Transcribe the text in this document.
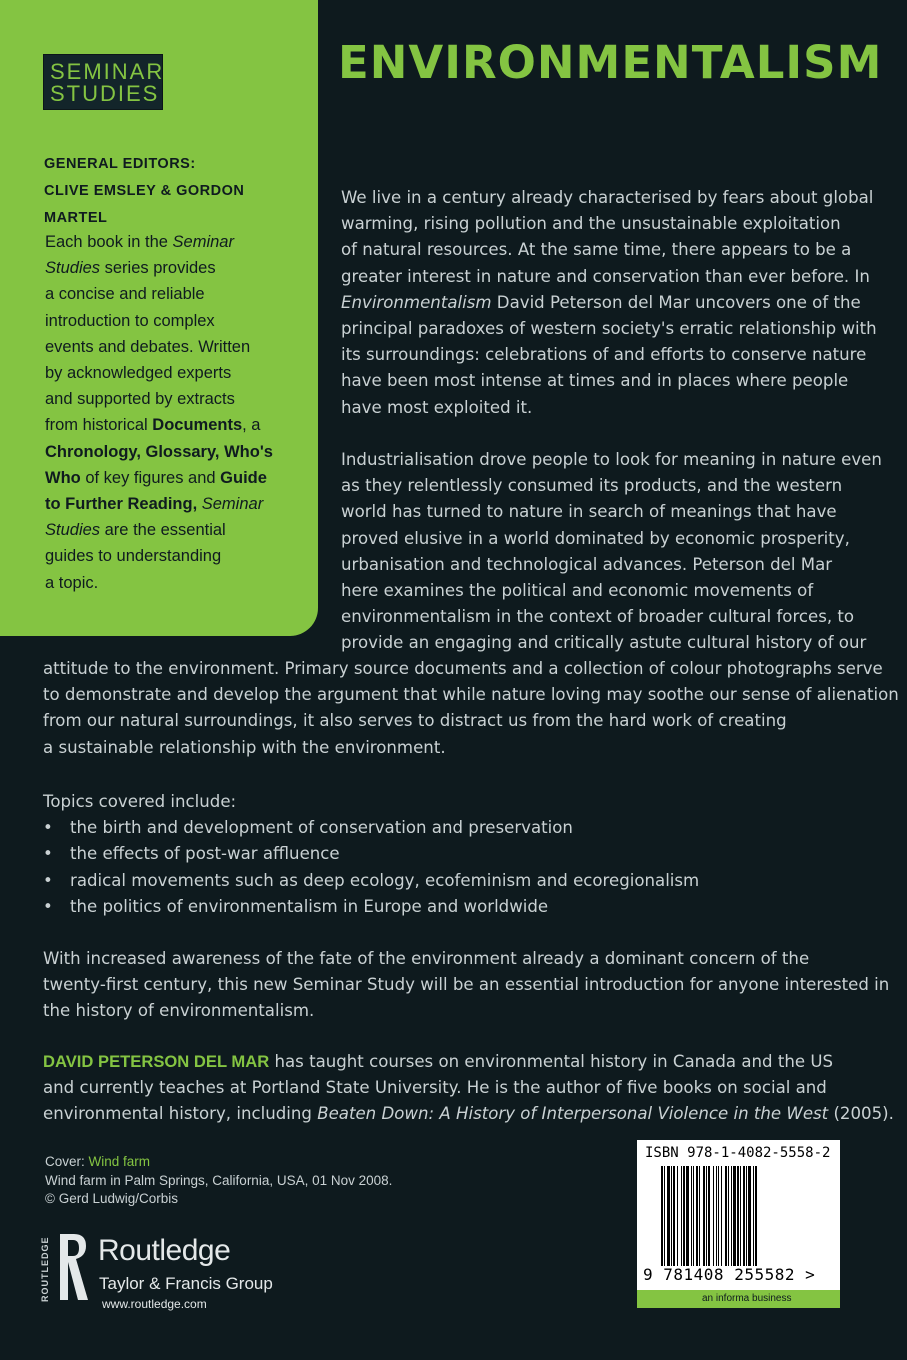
SEMINAR
STUDIES
GENERAL EDITORS:
CLIVE EMSLEY & GORDON MARTEL
Each book in the Seminar
Studies series provides
a concise and reliable
introduction to complex
events and debates. Written
by acknowledged experts
and supported by extracts
from historical Documents, a
Chronology, Glossary, Who's
Who of key figures and Guide
to Further Reading, Seminar
Studies are the essential
guides to understanding
a topic.
ENVIRONMENTALISM
We live in a century already characterised by fears about global
warming, rising pollution and the unsustainable exploitation
of natural resources. At the same time, there appears to be a
greater interest in nature and conservation than ever before. In
Environmentalism David Peterson del Mar uncovers one of the
principal paradoxes of western society's erratic relationship with
its surroundings: celebrations of and efforts to conserve nature
have been most intense at times and in places where people
have most exploited it.
Industrialisation drove people to look for meaning in nature even
as they relentlessly consumed its products, and the western
world has turned to nature in search of meanings that have
proved elusive in a world dominated by economic prosperity,
urbanisation and technological advances. Peterson del Mar
here examines the political and economic movements of
environmentalism in the context of broader cultural forces, to
provide an engaging and critically astute cultural history of our
attitude to the environment. Primary source documents and a collection of colour photographs serve
to demonstrate and develop the argument that while nature loving may soothe our sense of alienation
from our natural surroundings, it also serves to distract us from the hard work of creating
a sustainable relationship with the environment.
Topics covered include:
• the birth and development of conservation and preservation
• the effects of post-war affluence
• radical movements such as deep ecology, ecofeminism and ecoregionalism
• the politics of environmentalism in Europe and worldwide
With increased awareness of the fate of the environment already a dominant concern of the
twenty-first century, this new Seminar Study will be an essential introduction for anyone interested in
the history of environmentalism.
DAVID PETERSON DEL MAR has taught courses on environmental history in Canada and the US
and currently teaches at Portland State University. He is the author of five books on social and
environmental history, including Beaten Down: A History of Interpersonal Violence in the West (2005).
Cover: Wind farm
Wind farm in Palm Springs, California, USA, 01 Nov 2008.
© Gerd Ludwig/Corbis
ROUTLEDGE Routledge
Taylor & Francis Group
www.routledge.com
ISBN 978-1-4082-5558-2
9 781408 255582 >
an informa business
